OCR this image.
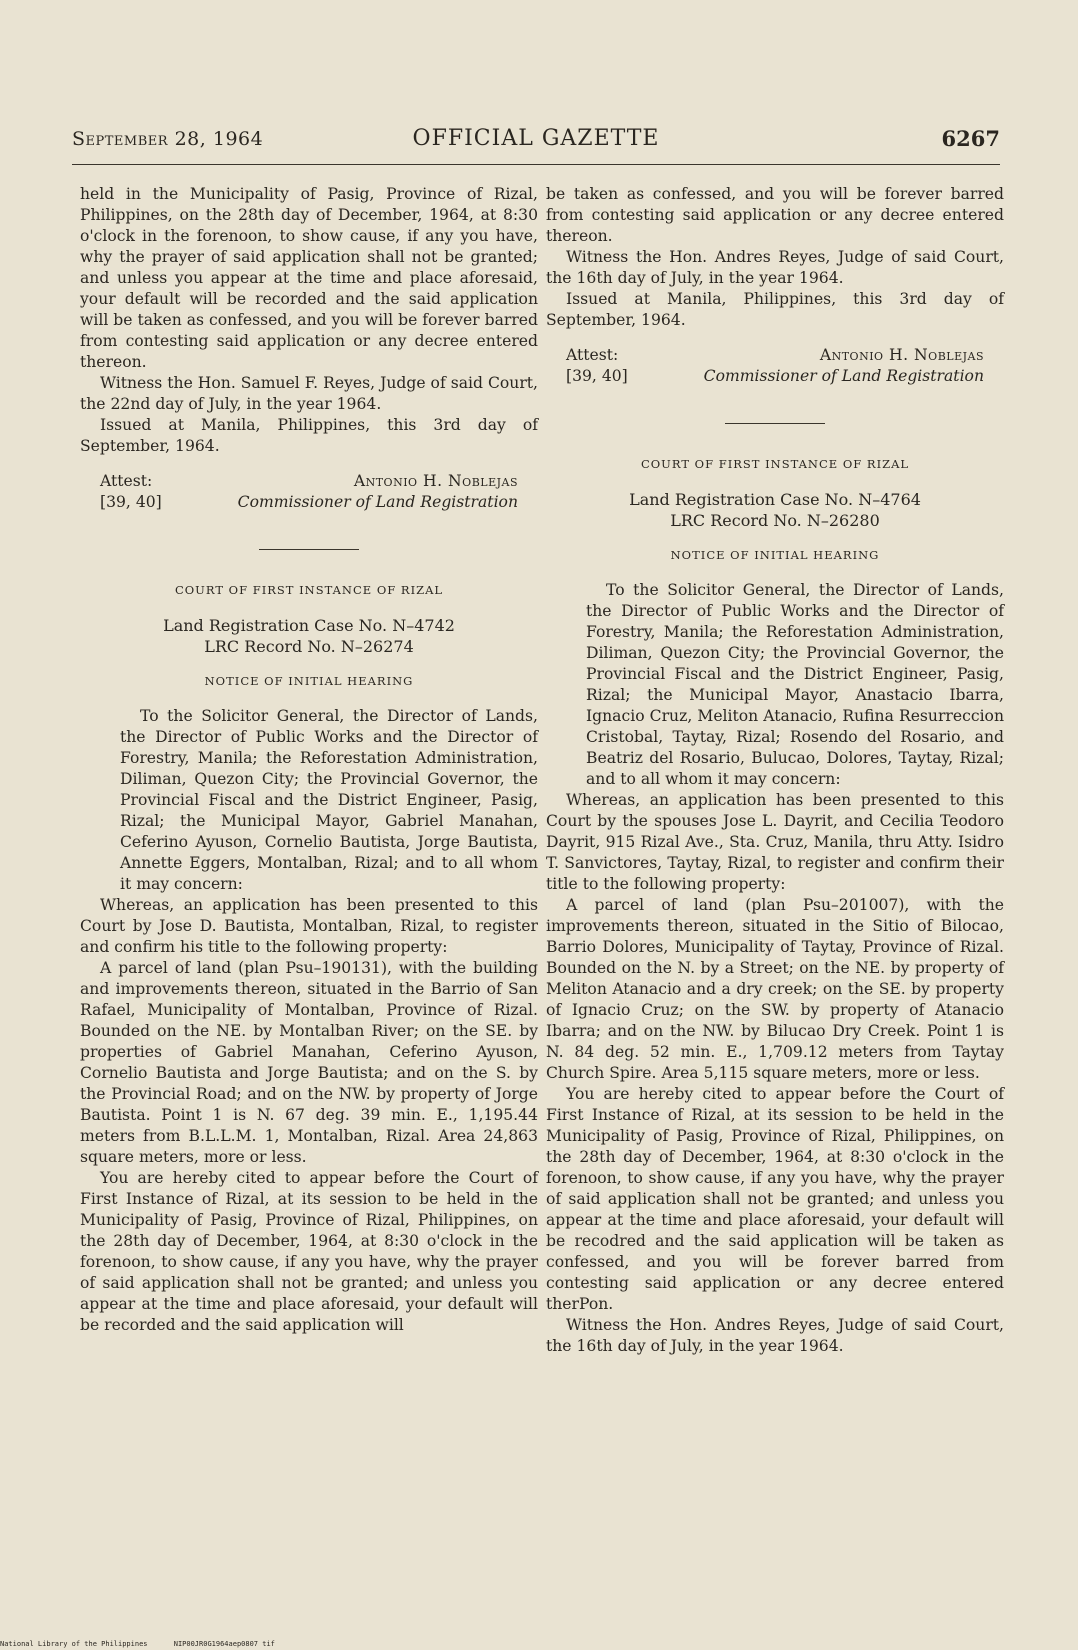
September 28, 1964	OFFICIAL GAZETTE	6267

held in the Municipality of Pasig, Province of Rizal, Philippines, on the 28th day of December, 1964, at 8:30 o'clock in the forenoon, to show cause, if any you have, why the prayer of said application shall not be granted; and unless you appear at the time and place aforesaid, your default will be recorded and the said application will be taken as confessed, and you will be forever barred from contesting said application or any decree entered thereon.

Witness the Hon. Samuel F. Reyes, Judge of said Court, the 22nd day of July, in the year 1964.

Issued at Manila, Philippines, this 3rd day of September, 1964.

Attest:	Antonio H. Noblejas
[39, 40]	Commissioner of Land Registration
COURT OF FIRST INSTANCE OF RIZAL
Land Registration Case No. N–4742
LRC Record No. N–26274
NOTICE OF INITIAL HEARING

To the Solicitor General, the Director of Lands, the Director of Public Works and the Director of Forestry, Manila; the Reforestation Administration, Diliman, Quezon City; the Provincial Governor, the Provincial Fiscal and the District Engineer, Pasig, Rizal; the Municipal Mayor, Gabriel Manahan, Ceferino Ayuson, Cornelio Bautista, Jorge Bautista, Annette Eggers, Montalban, Rizal; and to all whom it may concern:

Whereas, an application has been presented to this Court by Jose D. Bautista, Montalban, Rizal, to register and confirm his title to the following property:

A parcel of land (plan Psu–190131), with the building and improvements thereon, situated in the Barrio of San Rafael, Municipality of Montalban, Province of Rizal. Bounded on the NE. by Montalban River; on the SE. by properties of Gabriel Manahan, Ceferino Ayuson, Cornelio Bautista and Jorge Bautista; and on the S. by the Provincial Road; and on the NW. by property of Jorge Bautista. Point 1 is N. 67 deg. 39 min. E., 1,195.44 meters from B.L.L.M. 1, Montalban, Rizal. Area 24,863 square meters, more or less.

You are hereby cited to appear before the Court of First Instance of Rizal, at its session to be held in the Municipality of Pasig, Province of Rizal, Philippines, on the 28th day of December, 1964, at 8:30 o'clock in the forenoon, to show cause, if any you have, why the prayer of said application shall not be granted; and unless you appear at the time and place aforesaid, your default will be recorded and the said application will

be taken as confessed, and you will be forever barred from contesting said application or any decree entered thereon.

Witness the Hon. Andres Reyes, Judge of said Court, the 16th day of July, in the year 1964.

Issued at Manila, Philippines, this 3rd day of September, 1964.

Attest:	Antonio H. Noblejas
[39, 40]	Commissioner of Land Registration
COURT OF FIRST INSTANCE OF RIZAL
Land Registration Case No. N–4764
LRC Record No. N–26280
NOTICE OF INITIAL HEARING

To the Solicitor General, the Director of Lands, the Director of Public Works and the Director of Forestry, Manila; the Reforestation Administration, Diliman, Quezon City; the Provincial Governor, the Provincial Fiscal and the District Engineer, Pasig, Rizal; the Municipal Mayor, Anastacio Ibarra, Ignacio Cruz, Meliton Atanacio, Rufina Resurreccion Cristobal, Taytay, Rizal; Rosendo del Rosario, and Beatriz del Rosario, Bulucao, Dolores, Taytay, Rizal; and to all whom it may concern:

Whereas, an application has been presented to this Court by the spouses Jose L. Dayrit, and Cecilia Teodoro Dayrit, 915 Rizal Ave., Sta. Cruz, Manila, thru Atty. Isidro T. Sanvictores, Taytay, Rizal, to register and confirm their title to the following property:

A parcel of land (plan Psu–201007), with the improvements thereon, situated in the Sitio of Bilocao, Barrio Dolores, Municipality of Taytay, Province of Rizal. Bounded on the N. by a Street; on the NE. by property of Meliton Atanacio and a dry creek; on the SE. by property of Ignacio Cruz; on the SW. by property of Atanacio Ibarra; and on the NW. by Bilucao Dry Creek. Point 1 is N. 84 deg. 52 min. E., 1,709.12 meters from Taytay Church Spire. Area 5,115 square meters, more or less.

You are hereby cited to appear before the Court of First Instance of Rizal, at its session to be held in the Municipality of Pasig, Province of Rizal, Philippines, on the 28th day of December, 1964, at 8:30 o'clock in the forenoon, to show cause, if any you have, why the prayer of said application shall not be granted; and unless you appear at the time and place aforesaid, your default will be recodred and the said application will be taken as confessed, and you will be forever barred from contesting said application or any decree entered therPon.

Witness the Hon. Andres Reyes, Judge of said Court, the 16th day of July, in the year 1964.

National Library of the Philippines	NIP00JR0G1964aep0807 tif
